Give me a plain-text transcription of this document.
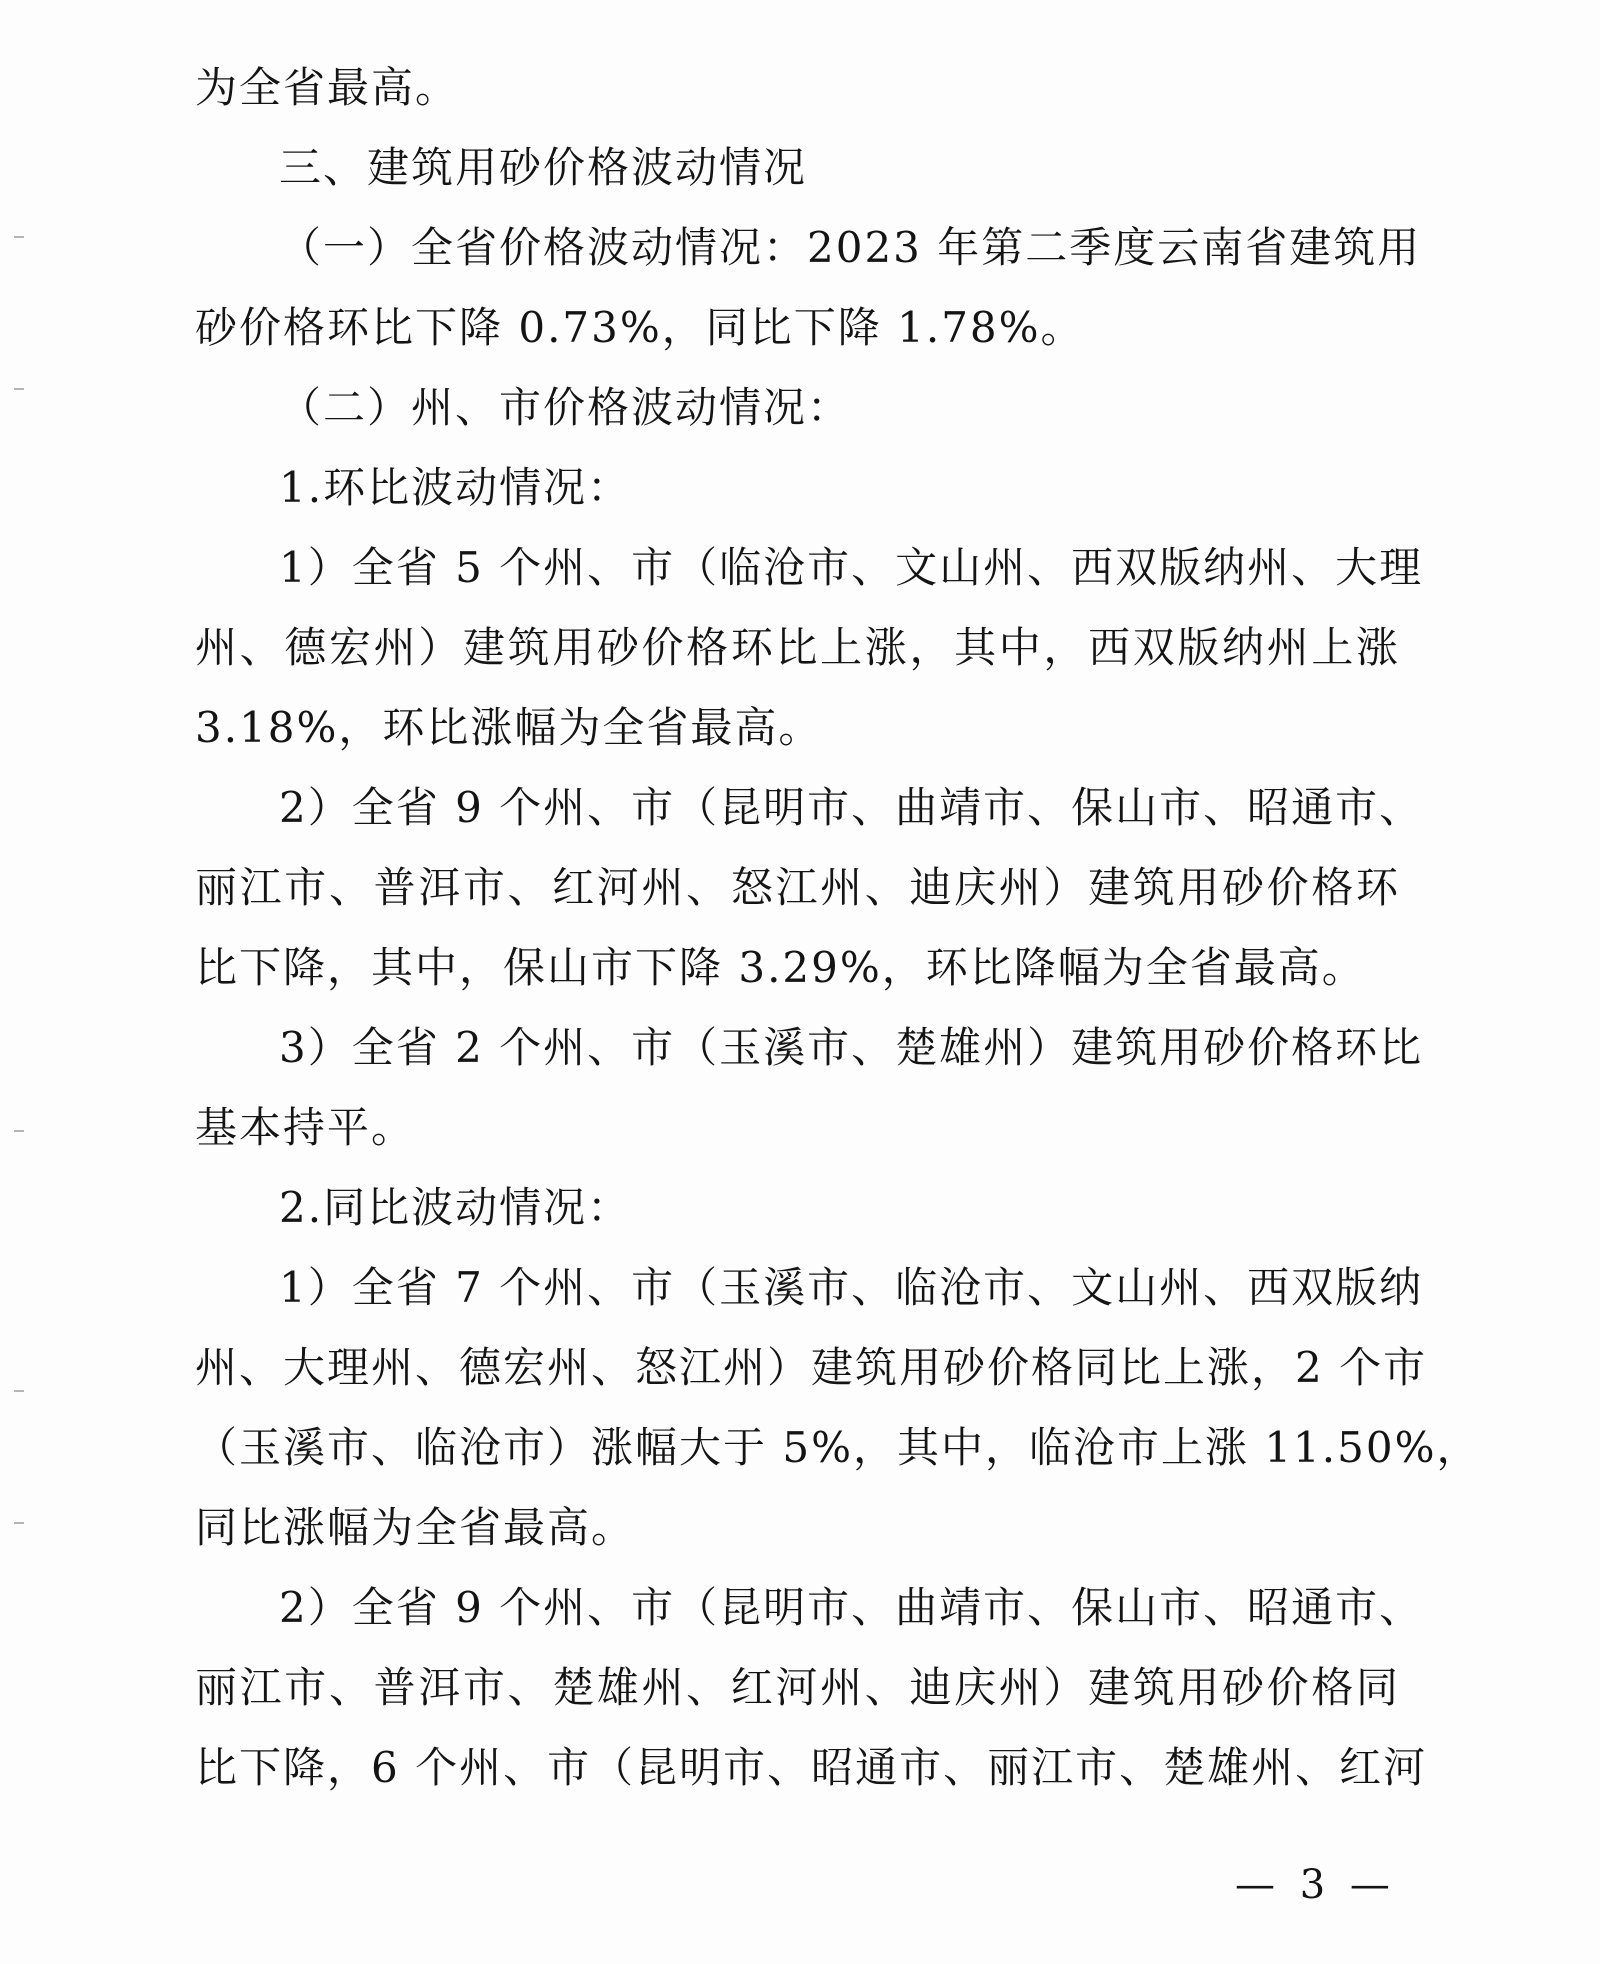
为全省最高。
三、建筑用砂价格波动情况
（一）全省价格波动情况：2023 年第二季度云南省建筑用
砂价格环比下降 0.73%，同比下降 1.78%。
（二）州、市价格波动情况：
1.环比波动情况：
1）全省 5 个州、市（临沧市、文山州、西双版纳州、大理
州、德宏州）建筑用砂价格环比上涨，其中，西双版纳州上涨
3.18%，环比涨幅为全省最高。
2）全省 9 个州、市（昆明市、曲靖市、保山市、昭通市、
丽江市、普洱市、红河州、怒江州、迪庆州）建筑用砂价格环
比下降，其中，保山市下降 3.29%，环比降幅为全省最高。
3）全省 2 个州、市（玉溪市、楚雄州）建筑用砂价格环比
基本持平。
2.同比波动情况：
1）全省 7 个州、市（玉溪市、临沧市、文山州、西双版纳
州、大理州、德宏州、怒江州）建筑用砂价格同比上涨，2 个市
（玉溪市、临沧市）涨幅大于 5%，其中，临沧市上涨 11.50%，
同比涨幅为全省最高。
2）全省 9 个州、市（昆明市、曲靖市、保山市、昭通市、
丽江市、普洱市、楚雄州、红河州、迪庆州）建筑用砂价格同
比下降，6 个州、市（昆明市、昭通市、丽江市、楚雄州、红河
— 3 —
